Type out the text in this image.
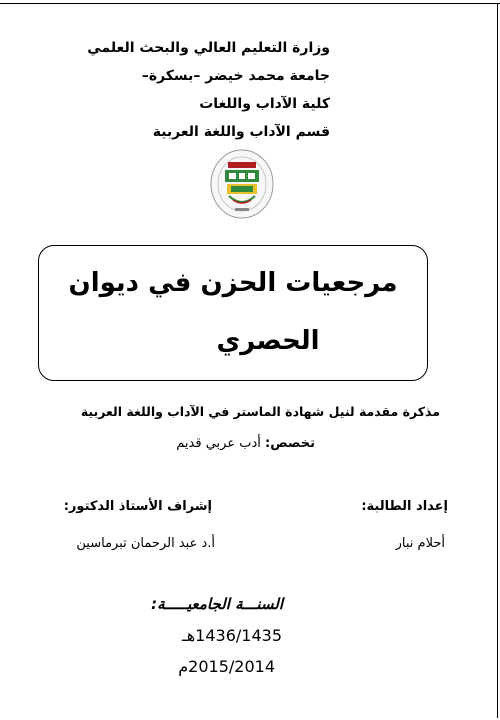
وزارة التعليم العالي والبحث العلمي
جامعة محمد خيضر –بسكرة–
كلية الآداب واللغات
قسم الآداب واللغة العربية
مرجعيات الحزن في ديوان
الحصري
مذكرة مقدمة لنيل شهادة الماستر في الآداب واللغة العربية
تخصص: أدب عربي قديم
إعداد الطالبة:
أحلام نبار
إشراف الأستاذ الدكتور:
أ.د عبد الرحمان تبرماسين
السنـــة الجامعيـــــة:
1436/1435هـ
2015/2014م
